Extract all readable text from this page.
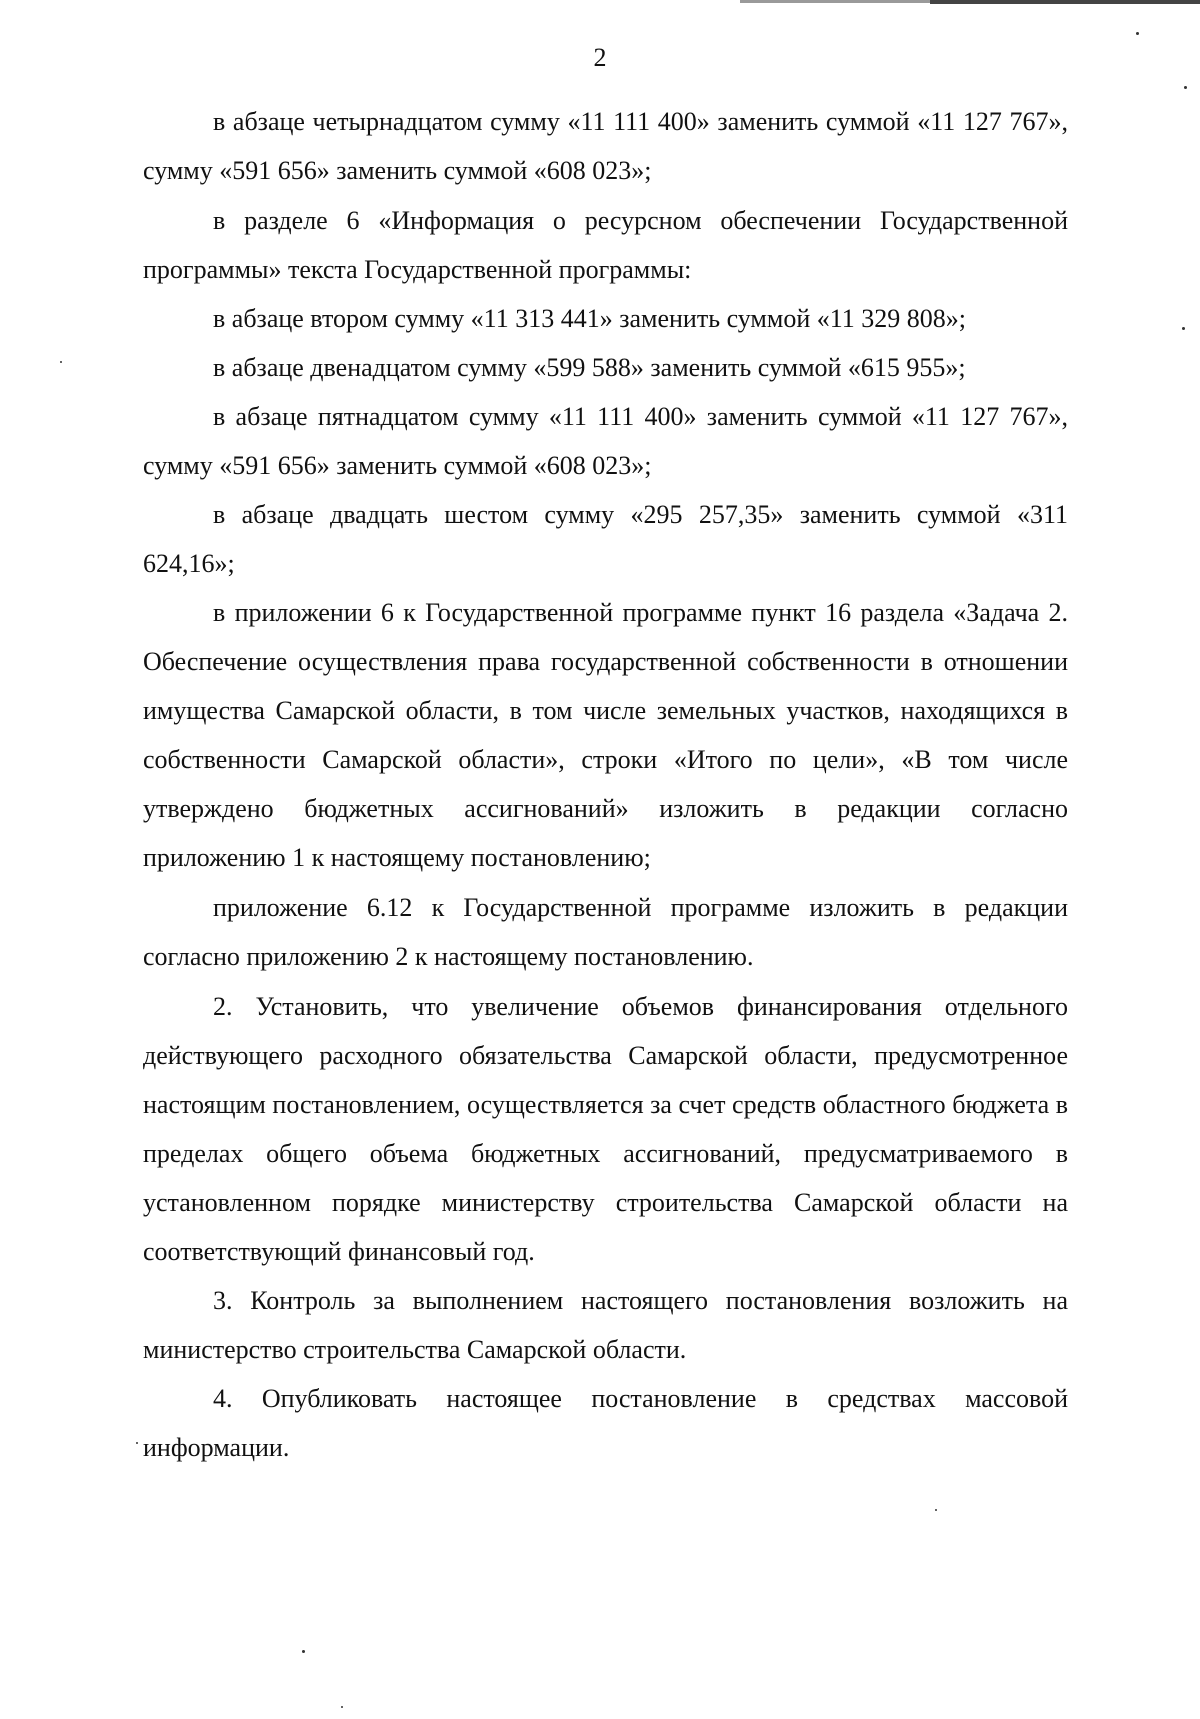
2

в абзаце четырнадцатом сумму «11 111 400» заменить суммой «11 127 767», сумму «591 656» заменить суммой «608 023»;

в разделе 6 «Информация о ресурсном обеспечении Государственной программы» текста Государственной программы:

в абзаце втором сумму «11 313 441» заменить суммой «11 329 808»;

в абзаце двенадцатом сумму «599 588» заменить суммой «615 955»;

в абзаце пятнадцатом сумму «11 111 400» заменить суммой «11 127 767», сумму «591 656» заменить суммой «608 023»;

в абзаце двадцать шестом сумму «295 257,35» заменить суммой «311 624,16»;

в приложении 6 к Государственной программе пункт 16 раздела «Задача 2. Обеспечение осуществления права государственной собственности в отношении имущества Самарской области, в том числе земельных участков, находящихся в собственности Самарской области», строки «Итого по цели», «В том числе утверждено бюджетных ассигнований» изложить в редакции согласно приложению 1 к настоящему постановлению;

приложение 6.12 к Государственной программе изложить в редакции согласно приложению 2 к настоящему постановлению.

2. Установить, что увеличение объемов финансирования отдельного действующего расходного обязательства Самарской области, предусмотренное настоящим постановлением, осуществляется за счет средств областного бюджета в пределах общего объема бюджетных ассигнований, предусматриваемого в установленном порядке министерству строительства Самарской области на соответствующий финансовый год.

3. Контроль за выполнением настоящего постановления возложить на министерство строительства Самарской области.

4. Опубликовать настоящее постановление в средствах массовой информации.
